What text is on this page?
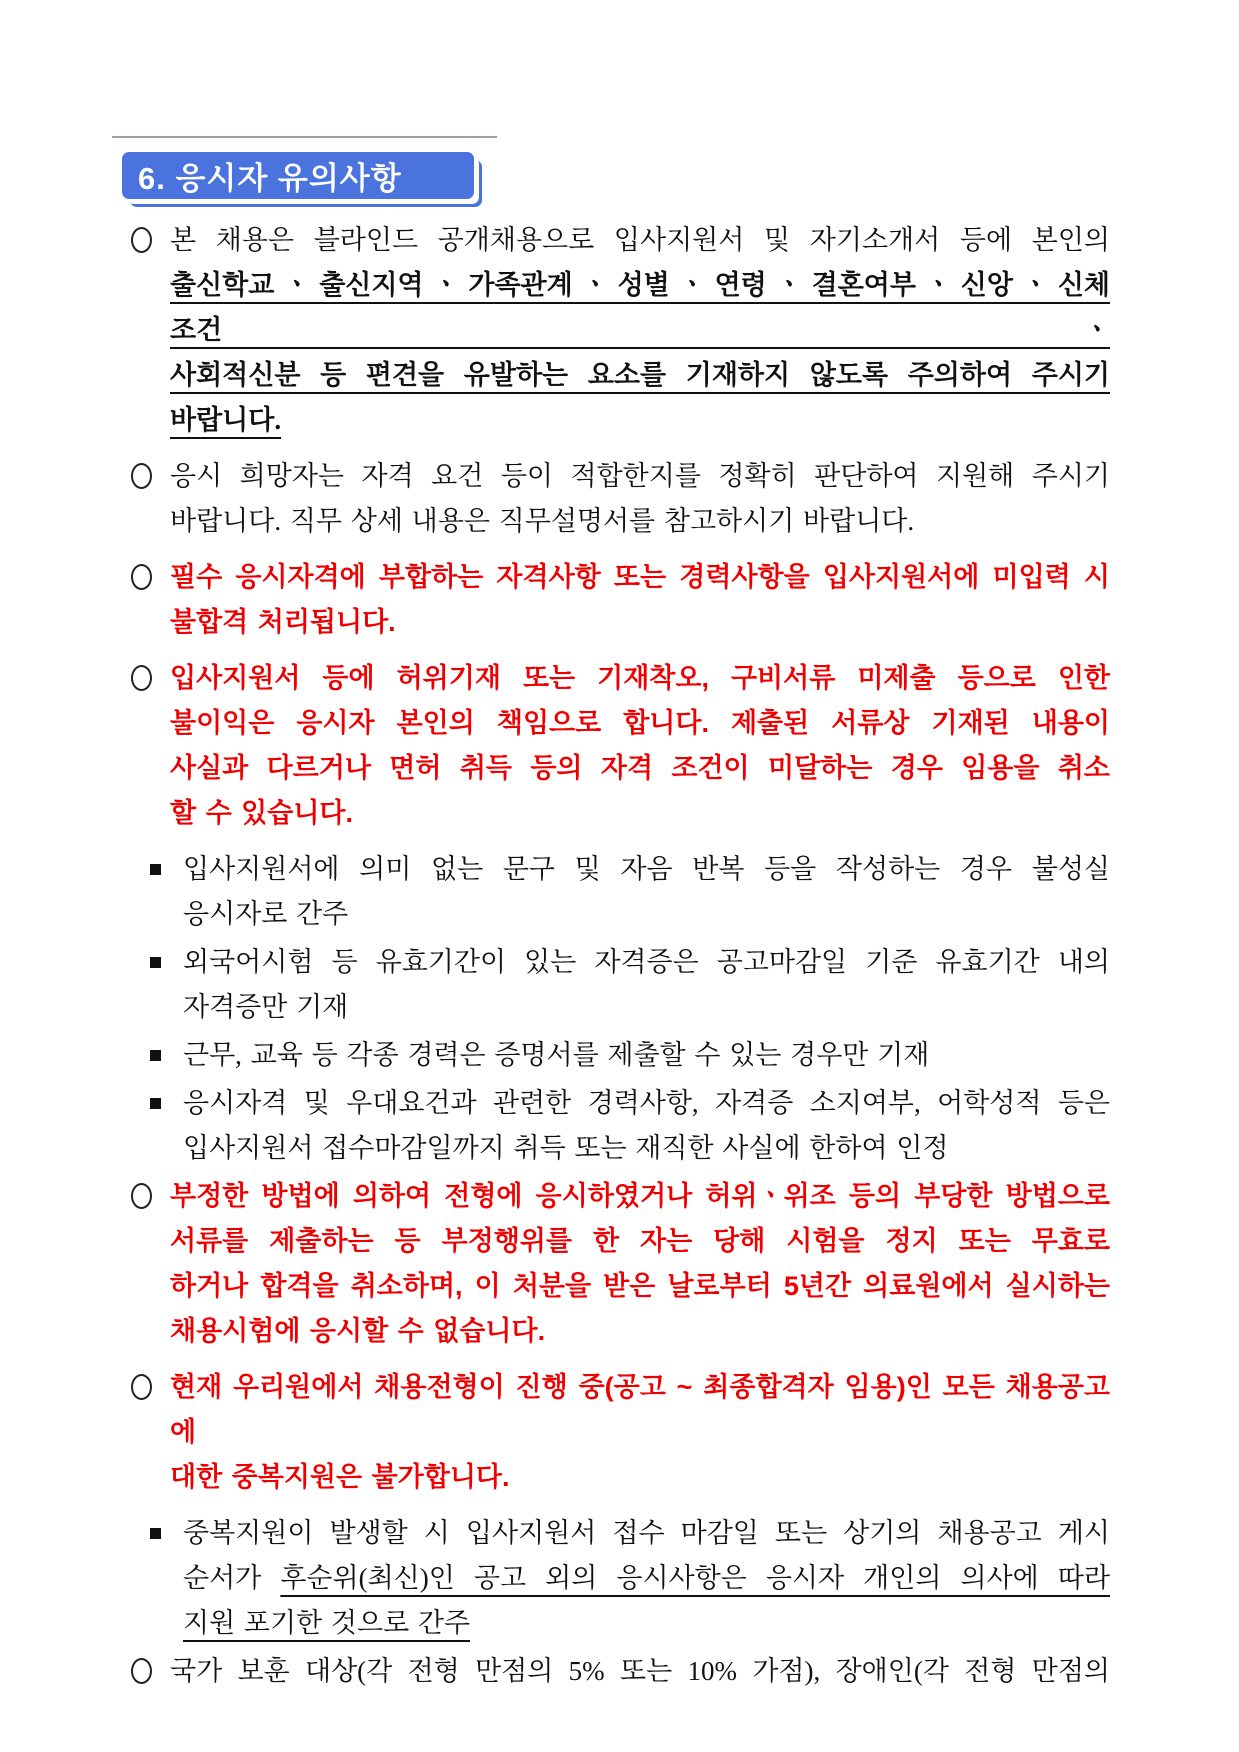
6. 응시자 유의사항
본 채용은 블라인드 공개채용으로 입사지원서 및 자기소개서 등에 본인의
출신학교 ㆍ 출신지역 ㆍ 가족관계 ㆍ 성별 ㆍ 연령 ㆍ 결혼여부 ㆍ 신앙 ㆍ 신체조건 ㆍ
사회적신분 등 편견을 유발하는 요소를 기재하지 않도록 주의하여 주시기
바랍니다.
응시 희망자는 자격 요건 등이 적합한지를 정확히 판단하여 지원해 주시기
바랍니다. 직무 상세 내용은 직무설명서를 참고하시기 바랍니다.
필수 응시자격에 부합하는 자격사항 또는 경력사항을 입사지원서에 미입력 시
불합격 처리됩니다.
입사지원서 등에 허위기재 또는 기재착오, 구비서류 미제출 등으로 인한
불이익은 응시자 본인의 책임으로 합니다. 제출된 서류상 기재된 내용이
사실과 다르거나 면허 취득 등의 자격 조건이 미달하는 경우 임용을 취소
할 수 있습니다.
입사지원서에 의미 없는 문구 및 자음 반복 등을 작성하는 경우 불성실
응시자로 간주
외국어시험 등 유효기간이 있는 자격증은 공고마감일 기준 유효기간 내의
자격증만 기재
근무, 교육 등 각종 경력은 증명서를 제출할 수 있는 경우만 기재
응시자격 및 우대요건과 관련한 경력사항, 자격증 소지여부, 어학성적 등은
입사지원서 접수마감일까지 취득 또는 재직한 사실에 한하여 인정
부정한 방법에 의하여 전형에 응시하였거나 허위ㆍ위조 등의 부당한 방법으로
서류를 제출하는 등 부정행위를 한 자는 당해 시험을 정지 또는 무효로
하거나 합격을 취소하며, 이 처분을 받은 날로부터 5년간 의료원에서 실시하는
채용시험에 응시할 수 없습니다.
현재 우리원에서 채용전형이 진행 중(공고 ~ 최종합격자 임용)인 모든 채용공고에
대한 중복지원은 불가합니다.
중복지원이 발생할 시 입사지원서 접수 마감일 또는 상기의 채용공고 게시
순서가 후순위(최신)인 공고 외의 응시사항은 응시자 개인의 의사에 따라
지원 포기한 것으로 간주
국가 보훈 대상(각 전형 만점의 5% 또는 10% 가점), 장애인(각 전형 만점의
